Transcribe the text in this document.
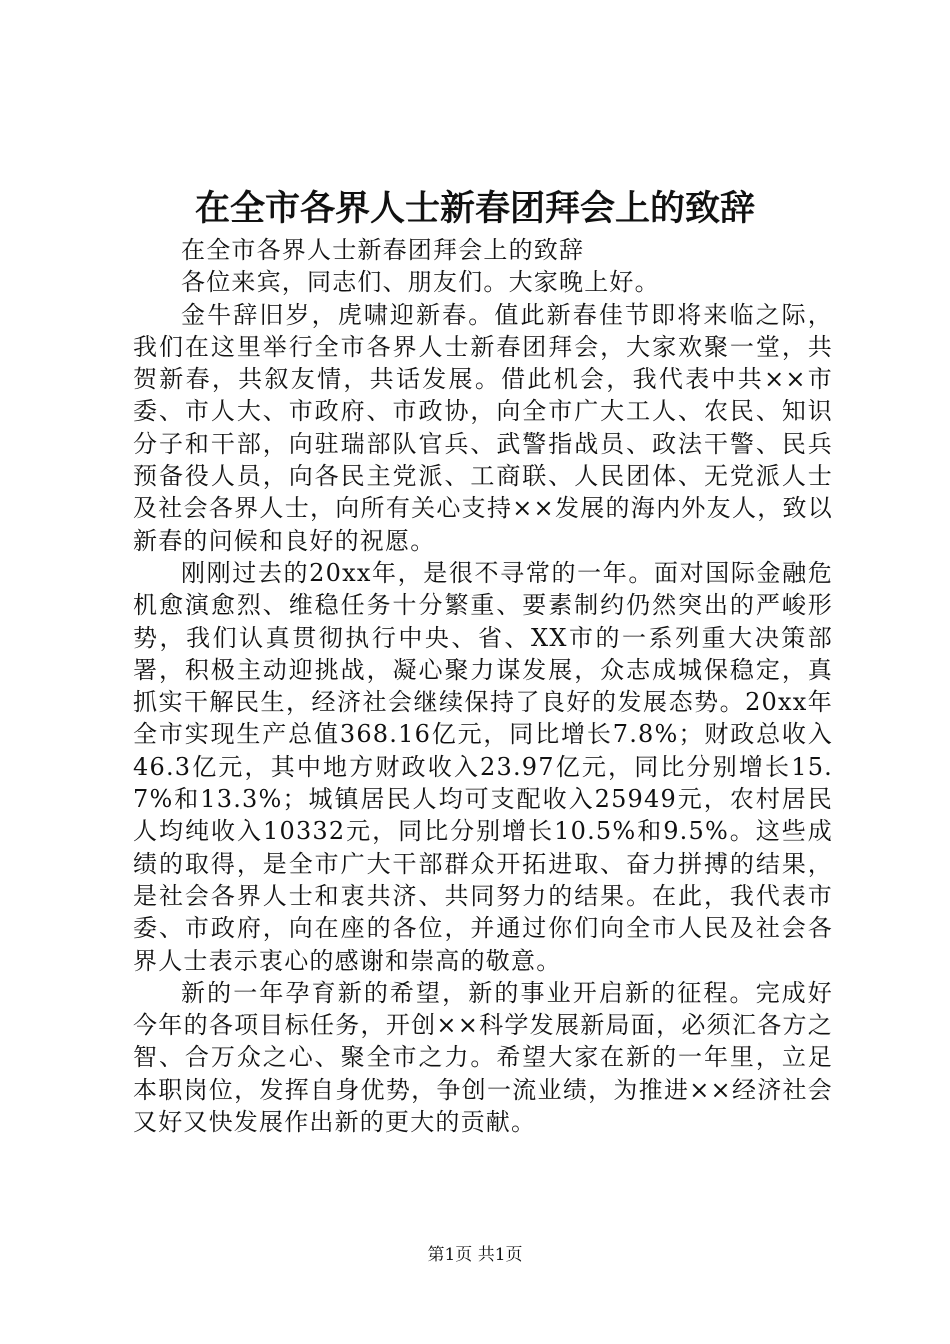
在全市各界人士新春团拜会上的致辞

在全市各界人士新春团拜会上的致辞

各位来宾，同志们、朋友们。大家晚上好。

金牛辞旧岁，虎啸迎新春。值此新春佳节即将来临之际，我们在这里举行全市各界人士新春团拜会，大家欢聚一堂，共贺新春，共叙友情，共话发展。借此机会，我代表中共××市委、市人大、市政府、市政协，向全市广大工人、农民、知识分子和干部，向驻瑞部队官兵、武警指战员、政法干警、民兵预备役人员，向各民主党派、工商联、人民团体、无党派人士及社会各界人士，向所有关心支持××发展的海内外友人，致以新春的问候和良好的祝愿。

刚刚过去的20xx年，是很不寻常的一年。面对国际金融危机愈演愈烈、维稳任务十分繁重、要素制约仍然突出的严峻形势，我们认真贯彻执行中央、省、XX市的一系列重大决策部署，积极主动迎挑战，凝心聚力谋发展，众志成城保稳定，真抓实干解民生，经济社会继续保持了良好的发展态势。20xx年全市实现生产总值368.16亿元，同比增长7.8%；财政总收入46.3亿元，其中地方财政收入23.97亿元，同比分别增长15.7%和13.3%；城镇居民人均可支配收入25949元，农村居民人均纯收入10332元，同比分别增长10.5%和9.5%。这些成绩的取得，是全市广大干部群众开拓进取、奋力拼搏的结果，是社会各界人士和衷共济、共同努力的结果。在此，我代表市委、市政府，向在座的各位，并通过你们向全市人民及社会各界人士表示衷心的感谢和崇高的敬意。

新的一年孕育新的希望，新的事业开启新的征程。完成好今年的各项目标任务，开创××科学发展新局面，必须汇各方之智、合万众之心、聚全市之力。希望大家在新的一年里，立足本职岗位，发挥自身优势，争创一流业绩，为推进××经济社会又好又快发展作出新的更大的贡献。

第1页 共1页
